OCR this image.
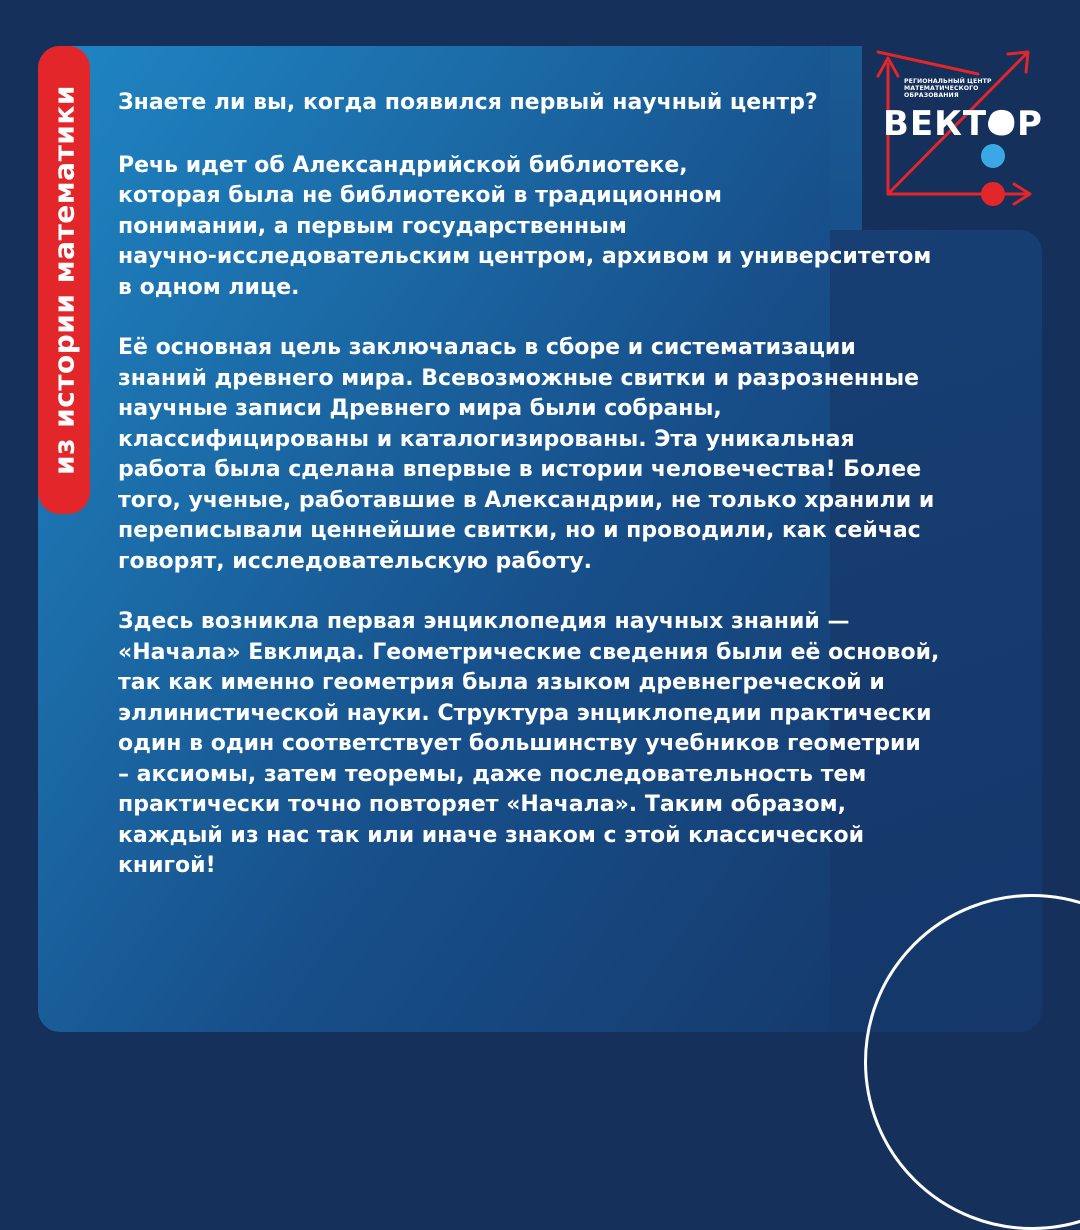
из истории математики
РЕГИОНАЛЬНЫЙ ЦЕНТР
МАТЕМАТИЧЕСКОГО
ОБРАЗОВАНИЯ
ВЕКТОР

Знаете ли вы, когда появился первый научный центр?

Речь идет об Александрийской библиотеке,
которая была не библиотекой в традиционном
понимании, а первым государственным
научно-исследовательским центром, архивом и университетом
в одном лице.

Её основная цель заключалась в сборе и систематизации
знаний древнего мира. Всевозможные свитки и разрозненные
научные записи Древнего мира были собраны,
классифицированы и каталогизированы. Эта уникальная
работа была сделана впервые в истории человечества! Более
того, ученые, работавшие в Александрии, не только хранили и
переписывали ценнейшие свитки, но и проводили, как сейчас
говорят, исследовательскую работу.

Здесь возникла первая энциклопедия научных знаний —
«Начала» Евклида. Геометрические сведения были её основой,
так как именно геометрия была языком древнегреческой и
эллинистической науки. Структура энциклопедии практически
один в один соответствует большинству учебников геометрии
– аксиомы, затем теоремы, даже последовательность тем
практически точно повторяет «Начала». Таким образом,
каждый из нас так или иначе знаком с этой классической
книгой!
